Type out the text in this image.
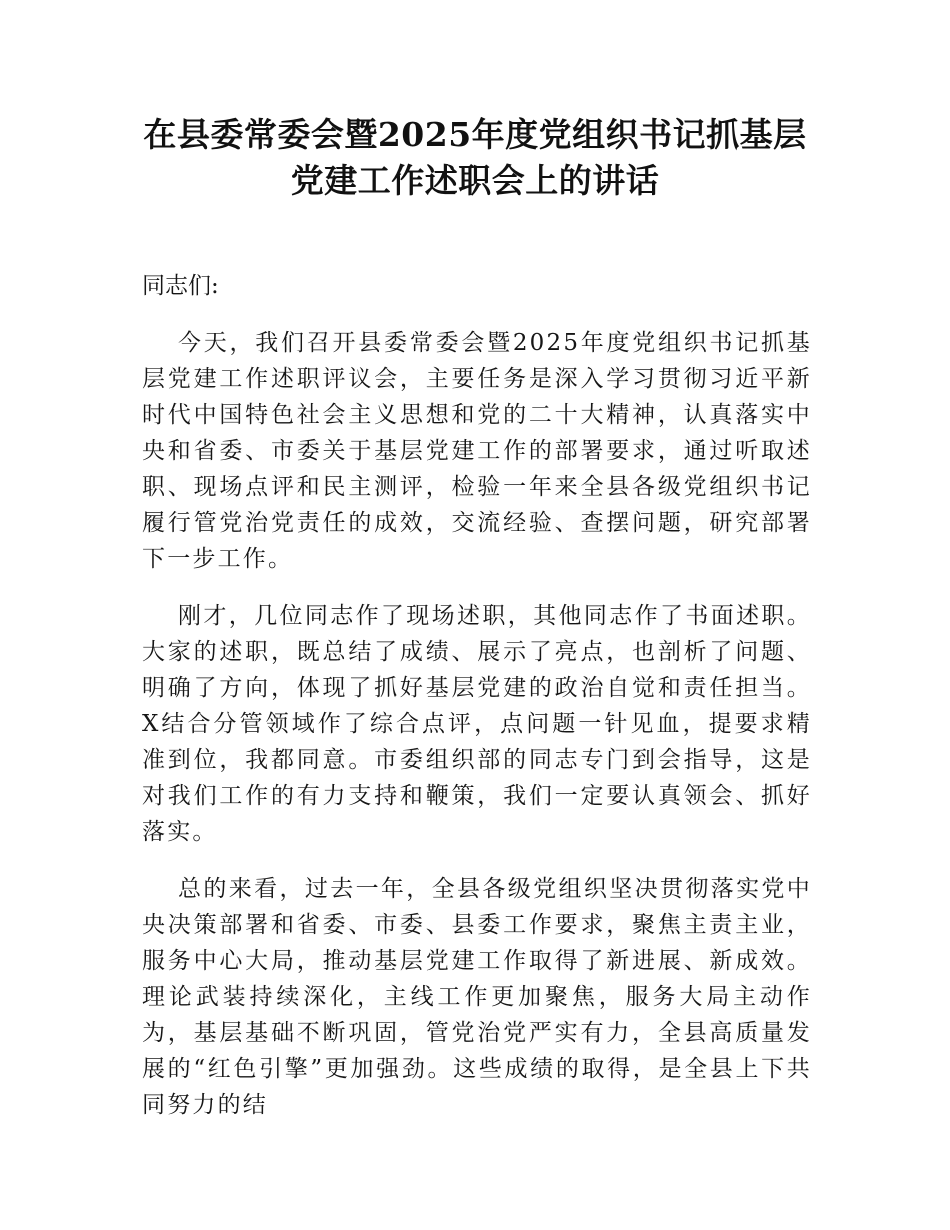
在县委常委会暨2025年度党组织书记抓基层
党建工作述职会上的讲话

同志们:

今天，我们召开县委常委会暨2025年度党组织书记抓基层党建工作述职评议会，主要任务是深入学习贯彻习近平新时代中国特色社会主义思想和党的二十大精神，认真落实中央和省委、市委关于基层党建工作的部署要求，通过听取述职、现场点评和民主测评，检验一年来全县各级党组织书记履行管党治党责任的成效，交流经验、查摆问题，研究部署下一步工作。

刚才，几位同志作了现场述职，其他同志作了书面述职。大家的述职，既总结了成绩、展示了亮点，也剖析了问题、明确了方向，体现了抓好基层党建的政治自觉和责任担当。X结合分管领域作了综合点评，点问题一针见血，提要求精准到位，我都同意。市委组织部的同志专门到会指导，这是对我们工作的有力支持和鞭策，我们一定要认真领会、抓好落实。

总的来看，过去一年，全县各级党组织坚决贯彻落实党中央决策部署和省委、市委、县委工作要求，聚焦主责主业，服务中心大局，推动基层党建工作取得了新进展、新成效。理论武装持续深化，主线工作更加聚焦，服务大局主动作为，基层基础不断巩固，管党治党严实有力，全县高质量发展的“红色引擎”更加强劲。这些成绩的取得，是全县上下共同努力的结
